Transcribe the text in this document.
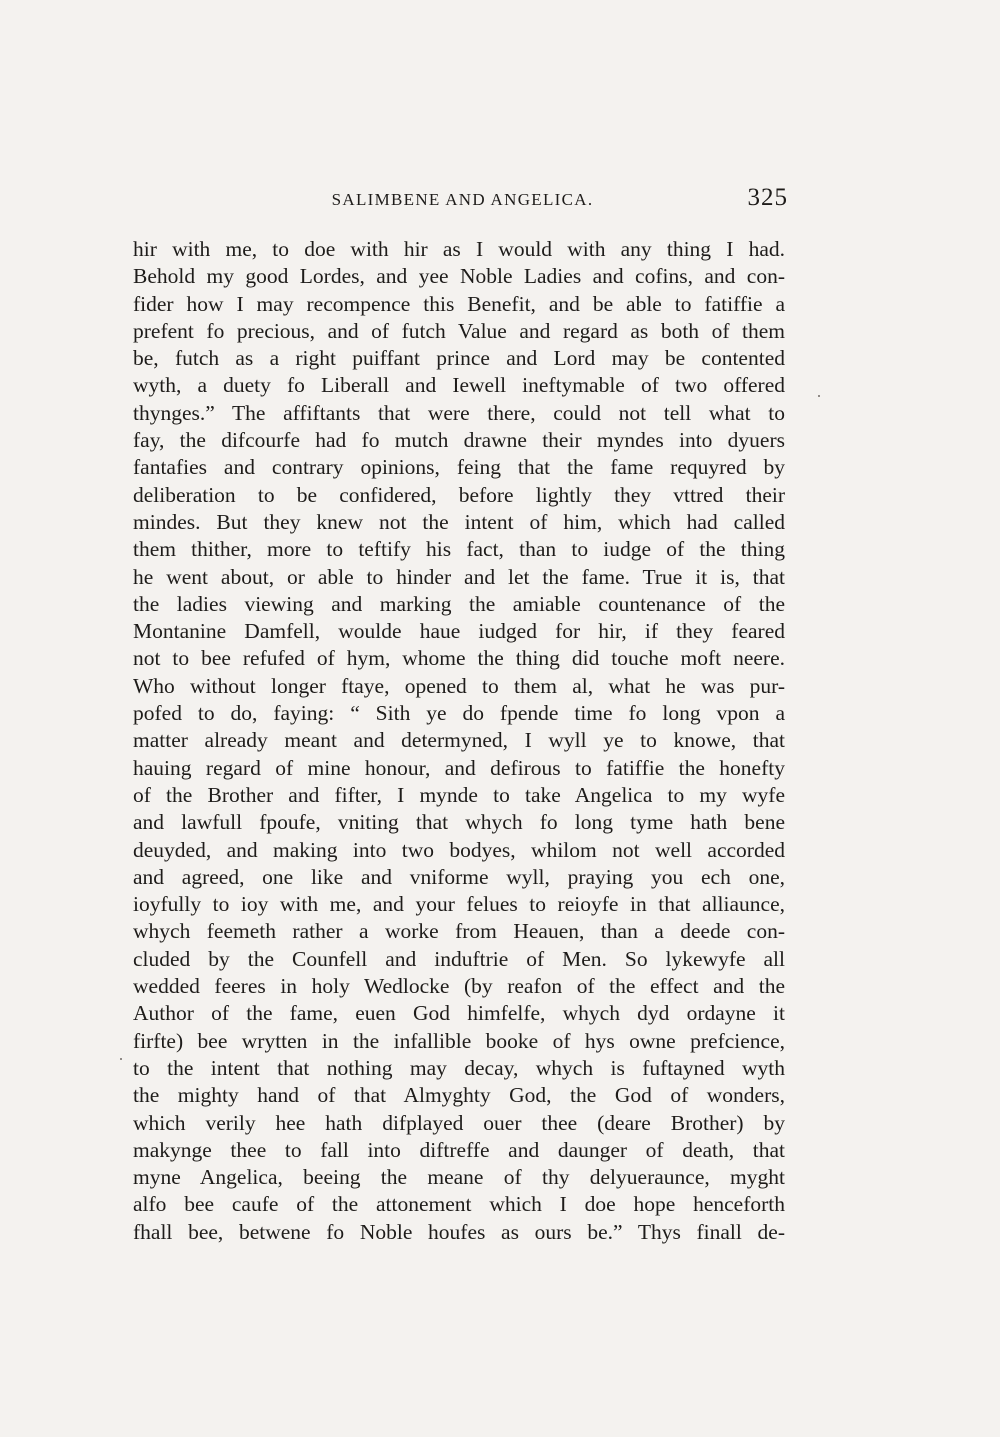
SALIMBENE AND ANGELICA.	325
hir with me, to doe with hir as I would with any thing I had.
Behold my good Lordes, and yee Noble Ladies and cofins, and con-
fider how I may recompence this Benefit, and be able to fatiffie a
prefent fo precious, and of futch Value and regard as both of them
be, futch as a right puiffant prince and Lord may be contented
wyth, a duety fo Liberall and Iewell ineftymable of two offered
thynges.” The affiftants that were there, could not tell what to
fay, the difcourfe had fo mutch drawne their myndes into dyuers
fantafies and contrary opinions, feing that the fame requyred by
deliberation to be confidered, before lightly they vttred their
mindes. But they knew not the intent of him, which had called
them thither, more to teftify his fact, than to iudge of the thing
he went about, or able to hinder and let the fame. True it is, that
the ladies viewing and marking the amiable countenance of the
Montanine Damfell, woulde haue iudged for hir, if they feared
not to bee refufed of hym, whome the thing did touche moft neere.
Who without longer ftaye, opened to them al, what he was pur-
pofed to do, faying: “ Sith ye do fpende time fo long vpon a
matter already meant and determyned, I wyll ye to knowe, that
hauing regard of mine honour, and defirous to fatiffie the honefty
of the Brother and fifter, I mynde to take Angelica to my wyfe
and lawfull fpoufe, vniting that whych fo long tyme hath bene
deuyded, and making into two bodyes, whilom not well accorded
and agreed, one like and vniforme wyll, praying you ech one,
ioyfully to ioy with me, and your felues to reioyfe in that alliaunce,
whych feemeth rather a worke from Heauen, than a deede con-
cluded by the Counfell and induftrie of Men. So lykewyfe all
wedded feeres in holy Wedlocke (by reafon of the effect and the
Author of the fame, euen God himfelfe, whych dyd ordayne it
firfte) bee wrytten in the infallible booke of hys owne prefcience,
to the intent that nothing may decay, whych is fuftayned wyth
the mighty hand of that Almyghty God, the God of wonders,
which verily hee hath difplayed ouer thee (deare Brother) by
makynge thee to fall into diftreffe and daunger of death, that
myne Angelica, beeing the meane of thy delyueraunce, myght
alfo bee caufe of the attonement which I doe hope henceforth
fhall bee, betwene fo Noble houfes as ours be.” Thys finall de-
